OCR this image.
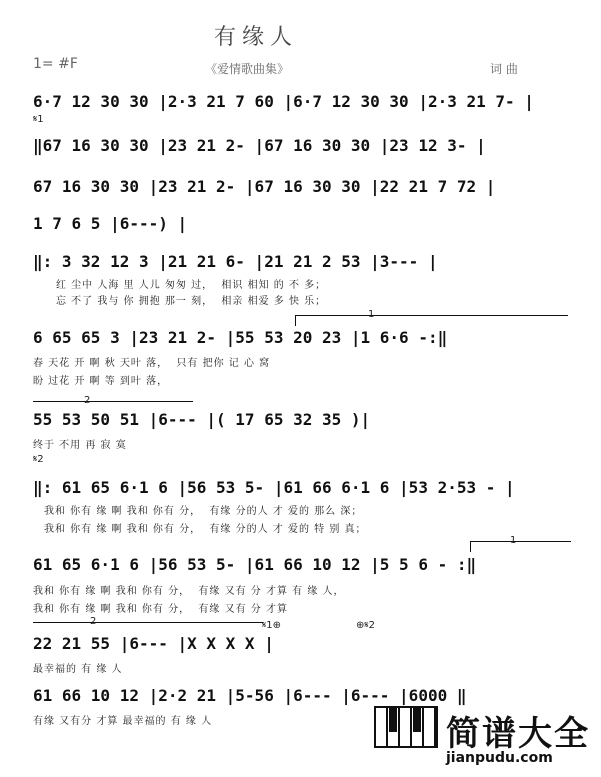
有缘人
1= #F	《爱情歌曲集》	词 曲
𝄋1
𝄋2
6·7 12 30 30 |2·3 21 7 60 |6·7 12 30 30 |2·3 21 7- |
‖67 16 30 30 |23 21 2- |67 16 30 30 |23 12 3- |
67 16 30 30 |23 21 2- |67 16 30 30 |22 21 7 72 |
1 7 6 5 |6---) |
‖: 3 32 12 3 |21 21 6- |21 21 2 53 |3--- |
红 尘中 人海 里 人儿 匆匆 过，  相识 相知 的 不 多；
忘 不了 我与 你 拥抱 那一 刻，  相亲 相爱 多 快 乐；
1
6 65 65 3 |23 21 2- |55 53 20 23 |1 6·6 -:‖
春 天花 开 啊 秋 天叶 落，  只有 把你 记 心 窝
盼 过花 开 啊 等 到叶 落，
2
55 53 50 51 |6--- |( 17 65 32 35 )|
终于 不用 再 寂 寞
‖: 61 65 6·1 6 |56 53 5- |61 66 6·1 6 |53 2·53 - |
我和 你有 缘 啊 我和 你有 分，  有缘 分的人 才 爱的 那么 深；
我和 你有 缘 啊 我和 你有 分，  有缘 分的人 才 爱的 特 别 真；
1
61 65 6·1 6 |56 53 5- |61 66 10 12 |5 5 6 - :‖
我和 你有 缘 啊 我和 你有 分，  有缘 又有 分 才算 有 缘 人，
我和 你有 缘 啊 我和 你有 分，  有缘 又有 分 才算
2	𝄋1⊕	⊕𝄋2
22 21 55 |6--- |X X X X |
最幸福的 有 缘 人
61 66 10 12 |2·2 21 |5-56 |6--- |6--- |6000 ‖
有缘 又有分 才算 最幸福的 有 缘 人	简谱大全
jianpudu.com
